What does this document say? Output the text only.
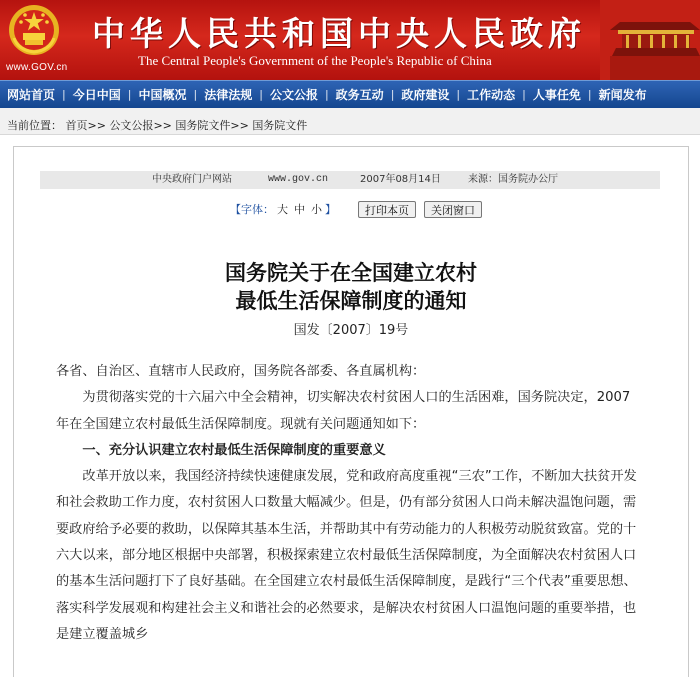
www.GOV.cn
中华人民共和国中央人民政府
The Central People's Government of the People's Republic of China
网站首页 | 今日中国 | 中国概况 | 法律法规 | 公文公报 | 政务互动 | 政府建设 | 工作动态 | 人事任免 | 新闻发布
当前位置： 首页>> 公文公报>> 国务院文件>> 国务院文件
中央政府门户网站	www.gov.cn	2007年08月14日	来源：国务院办公厅
【 字体： 大 中 小 】	打印本页	关闭窗口
国务院关于在全国建立农村
最低生活保障制度的通知
国发〔2007〕19号

各省、自治区、直辖市人民政府，国务院各部委、各直属机构：

为贯彻落实党的十六届六中全会精神，切实解决农村贫困人口的生活困难，国务院决定，2007年在全国建立农村最低生活保障制度。现就有关问题通知如下：

一、充分认识建立农村最低生活保障制度的重要意义

改革开放以来，我国经济持续快速健康发展，党和政府高度重视“三农”工作，不断加大扶贫开发和社会救助工作力度，农村贫困人口数量大幅减少。但是，仍有部分贫困人口尚未解决温饱问题，需要政府给予必要的救助，以保障其基本生活，并帮助其中有劳动能力的人积极劳动脱贫致富。党的十六大以来，部分地区根据中央部署，积极探索建立农村最低生活保障制度，为全面解决农村贫困人口的基本生活问题打下了良好基础。在全国建立农村最低生活保障制度，是践行“三个代表”重要思想、落实科学发展观和构建社会主义和谐社会的必然要求，是解决农村贫困人口温饱问题的重要举措，也是建立覆盖城乡
